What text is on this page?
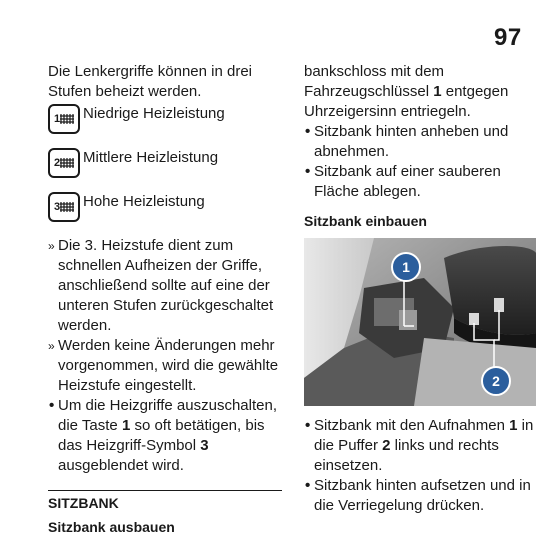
97

Die Lenkergriffe können in drei Stufen beheizt werden.

1 Niedrige Heizleistung
2 Mittlere Heizleistung
3 Hohe Heizleistung

» Die 3. Heizstufe dient zum schnellen Aufheizen der Griffe, anschließend sollte auf eine der unteren Stufen zurückgeschaltet werden.

» Werden keine Änderungen mehr vorgenommen, wird die gewählte Heizstufe eingestellt.

• Um die Heizgriffe auszuschalten, die Taste 1 so oft betätigen, bis das Heizgriff-Symbol 3 ausgeblendet wird.

SITZBANK

Sitzbank ausbauen

bankschloss mit dem Fahrzeugschlüssel 1 entgegen Uhrzeigersinn entriegeln.

• Sitzbank hinten anheben und abnehmen.

• Sitzbank auf einer sauberen Fläche ablegen.

Sitzbank einbauen

1
2

• Sitzbank mit den Aufnahmen 1 in die Puffer 2 links und rechts einsetzen.

• Sitzbank hinten aufsetzen und in die Verriegelung drücken.
